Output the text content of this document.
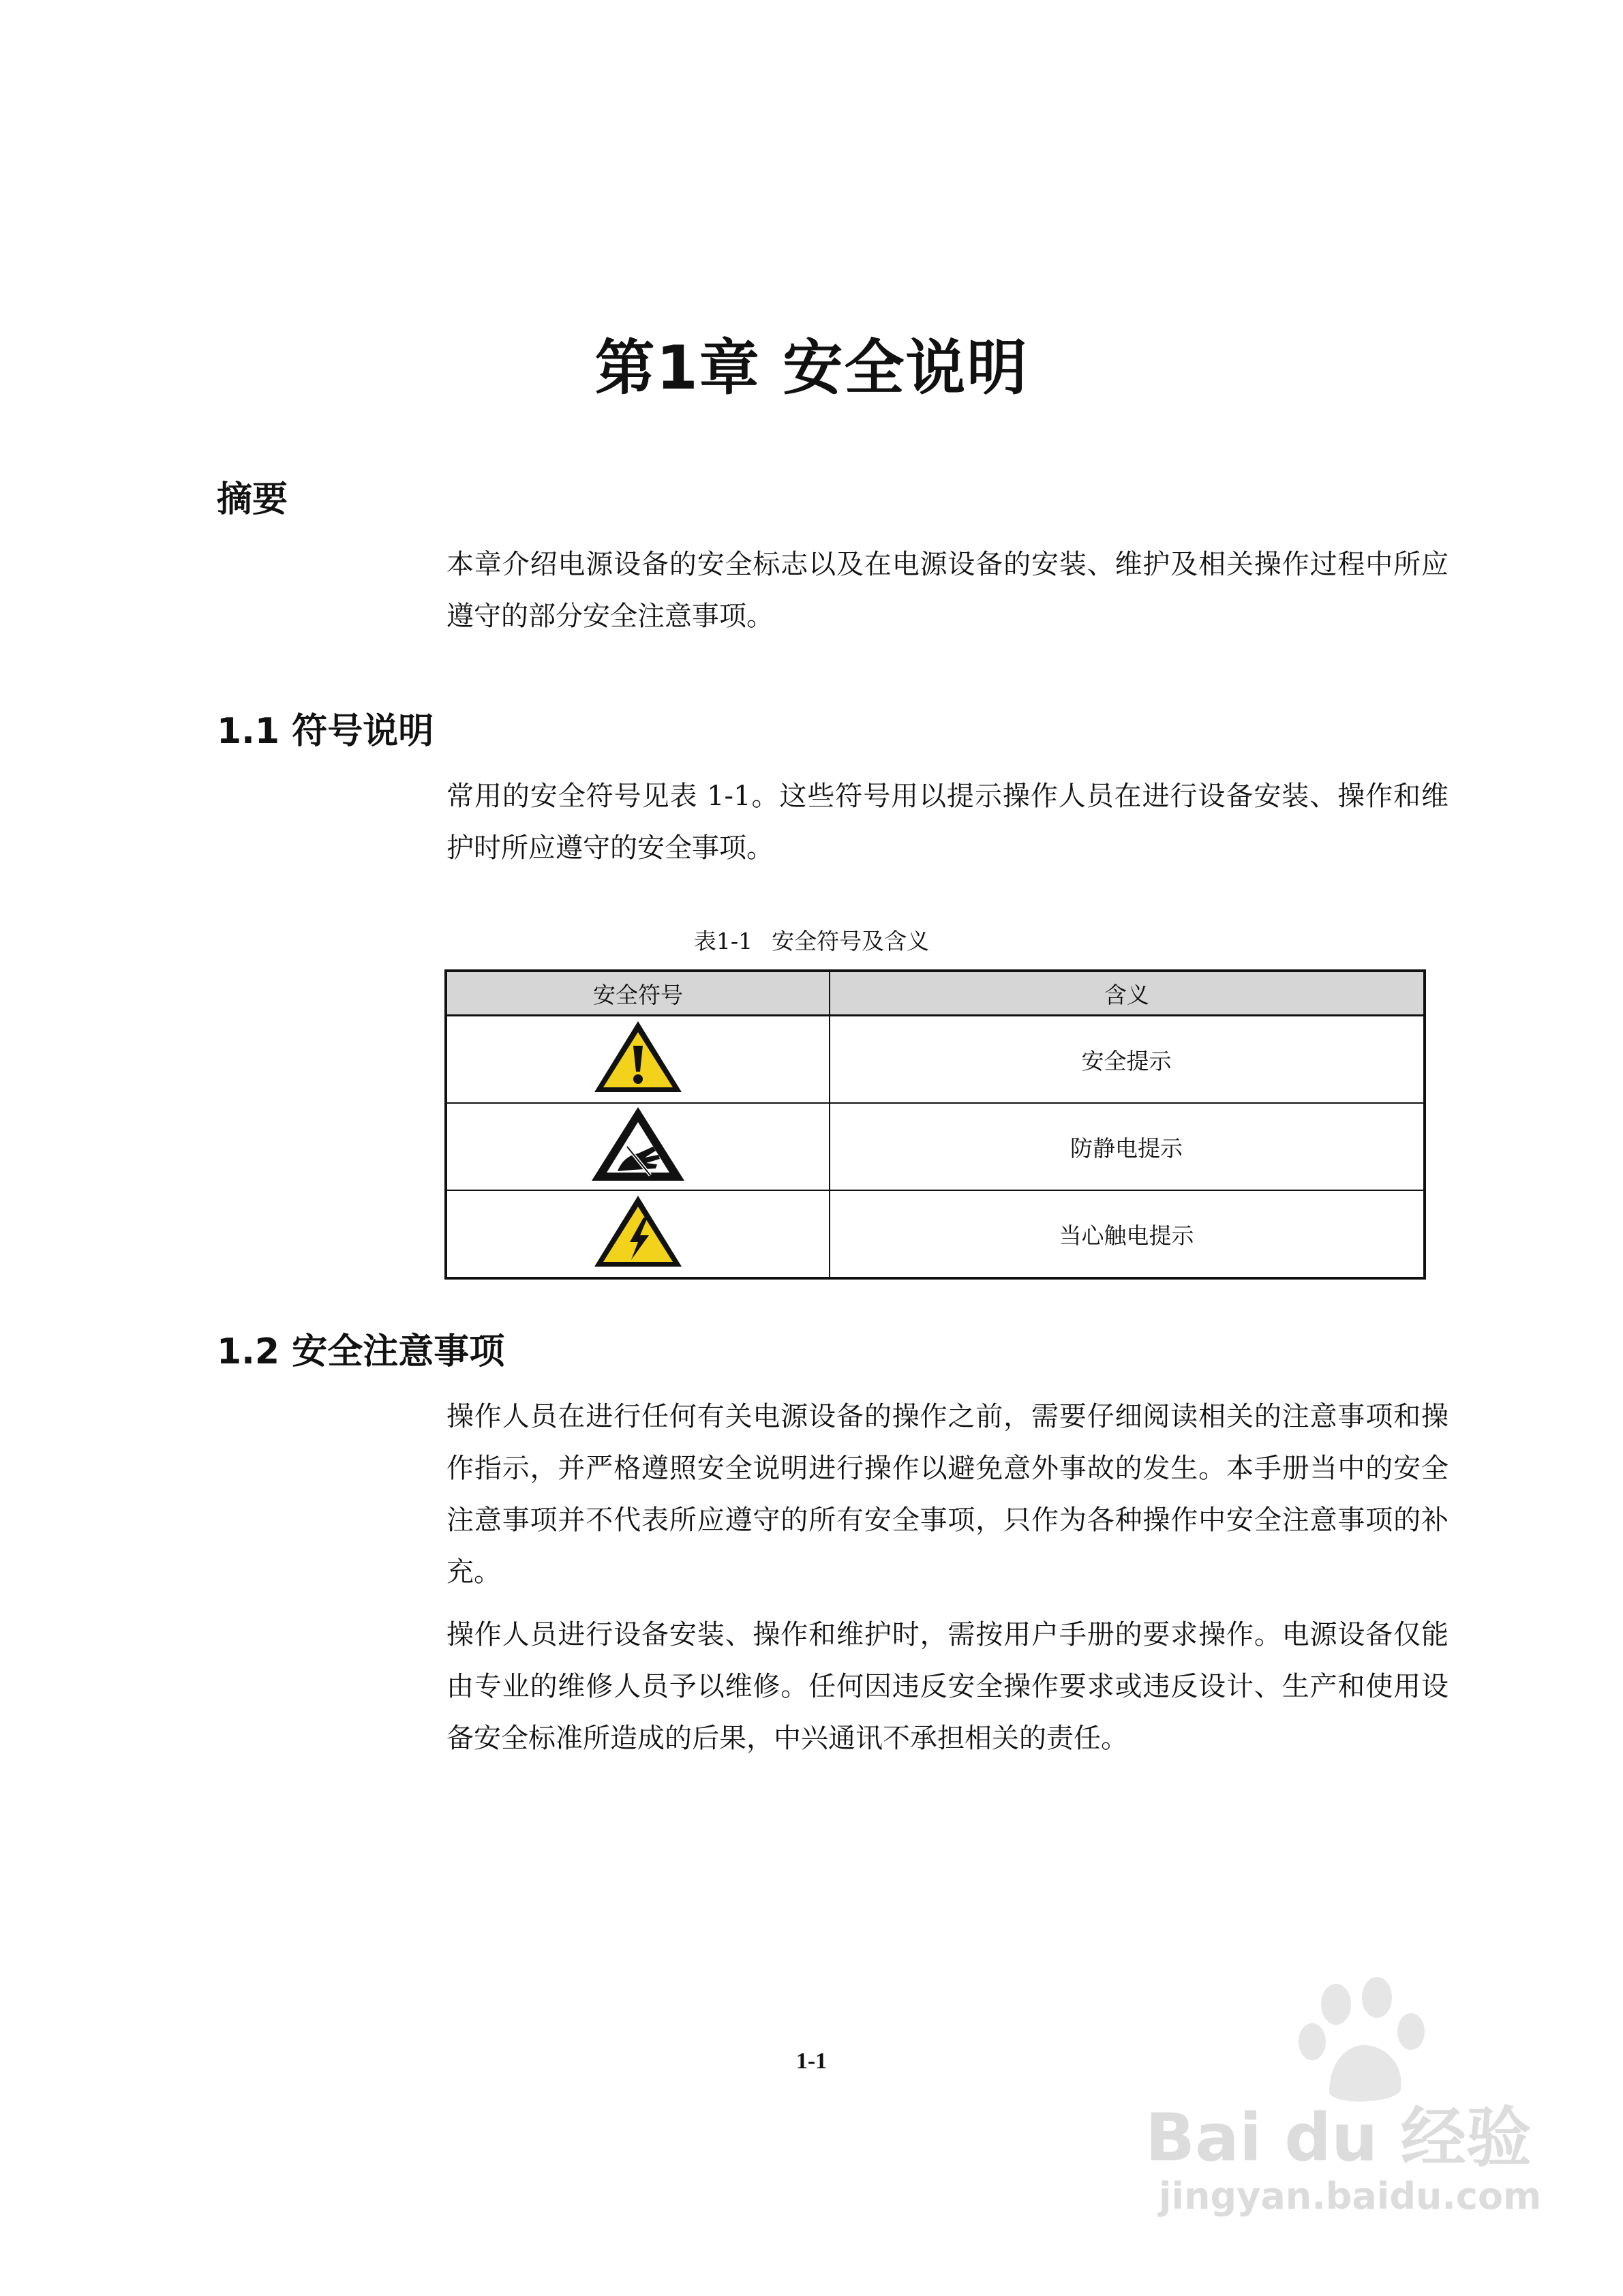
第1章 安全说明
摘要
本章介绍电源设备的安全标志以及在电源设备的安装、维护及相关操作过程中所应遵守的部分安全注意事项。
1.1 符号说明
常用的安全符号见表 1-1。这些符号用以提示操作人员在进行设备安装、操作和维护时所应遵守的安全事项。
表1-1 安全符号及含义
安全符号	含义
	安全提示
	防静电提示
	当心触电提示
1.2 安全注意事项
操作人员在进行任何有关电源设备的操作之前，需要仔细阅读相关的注意事项和操作指示，并严格遵照安全说明进行操作以避免意外事故的发生。本手册当中的安全注意事项并不代表所应遵守的所有安全事项，只作为各种操作中安全注意事项的补充。
操作人员进行设备安装、操作和维护时，需按用户手册的要求操作。电源设备仅能由专业的维修人员予以维修。任何因违反安全操作要求或违反设计、生产和使用设备安全标准所造成的后果，中兴通讯不承担相关的责任。
1-1
Bai du 经验
jingyan.baidu.com
